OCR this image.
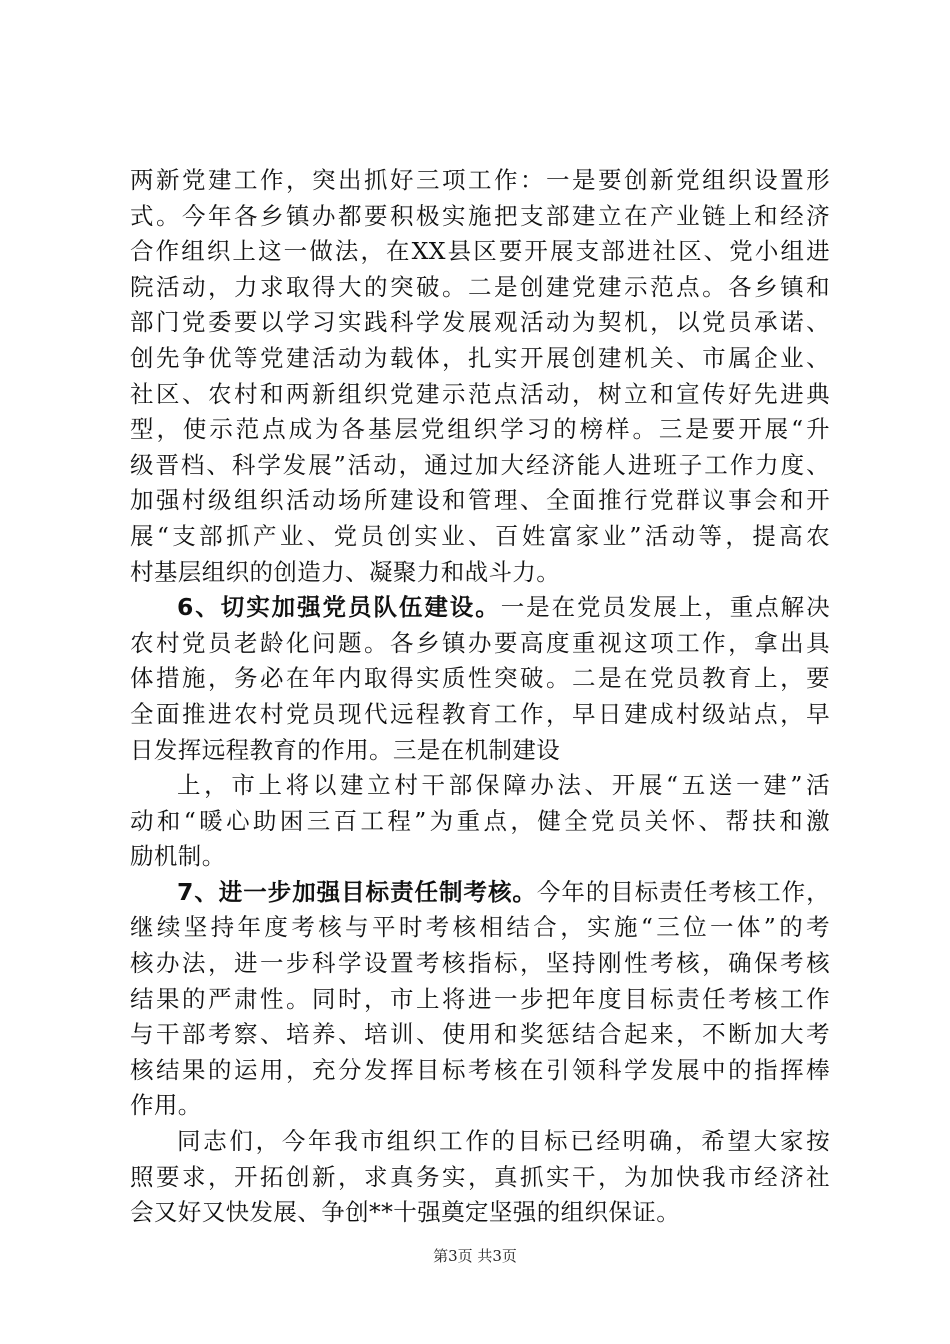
两新党建工作，突出抓好三项工作：一是要创新党组织设置形
式。今年各乡镇办都要积极实施把支部建立在产业链上和经济
合作组织上这一做法，在XX县区要开展支部进社区、党小组进
院活动，力求取得大的突破。二是创建党建示范点。各乡镇和
部门党委要以学习实践科学发展观活动为契机，以党员承诺、
创先争优等党建活动为载体，扎实开展创建机关、市属企业、
社区、农村和两新组织党建示范点活动，树立和宣传好先进典
型，使示范点成为各基层党组织学习的榜样。三是要开展“升
级晋档、科学发展”活动，通过加大经济能人进班子工作力度、
加强村级组织活动场所建设和管理、全面推行党群议事会和开
展“支部抓产业、党员创实业、百姓富家业”活动等，提高农
村基层组织的创造力、凝聚力和战斗力。
6、切实加强党员队伍建设。一是在党员发展上，重点解决
农村党员老龄化问题。各乡镇办要高度重视这项工作，拿出具
体措施，务必在年内取得实质性突破。二是在党员教育上，要
全面推进农村党员现代远程教育工作，早日建成村级站点，早
日发挥远程教育的作用。三是在机制建设
上，市上将以建立村干部保障办法、开展“五送一建”活
动和“暖心助困三百工程”为重点，健全党员关怀、帮扶和激
励机制。
7、进一步加强目标责任制考核。今年的目标责任考核工作，
继续坚持年度考核与平时考核相结合，实施“三位一体”的考
核办法，进一步科学设置考核指标，坚持刚性考核，确保考核
结果的严肃性。同时，市上将进一步把年度目标责任考核工作
与干部考察、培养、培训、使用和奖惩结合起来，不断加大考
核结果的运用，充分发挥目标考核在引领科学发展中的指挥棒
作用。
同志们，今年我市组织工作的目标已经明确，希望大家按
照要求，开拓创新，求真务实，真抓实干，为加快我市经济社
会又好又快发展、争创**十强奠定坚强的组织保证。
第3页 共3页
